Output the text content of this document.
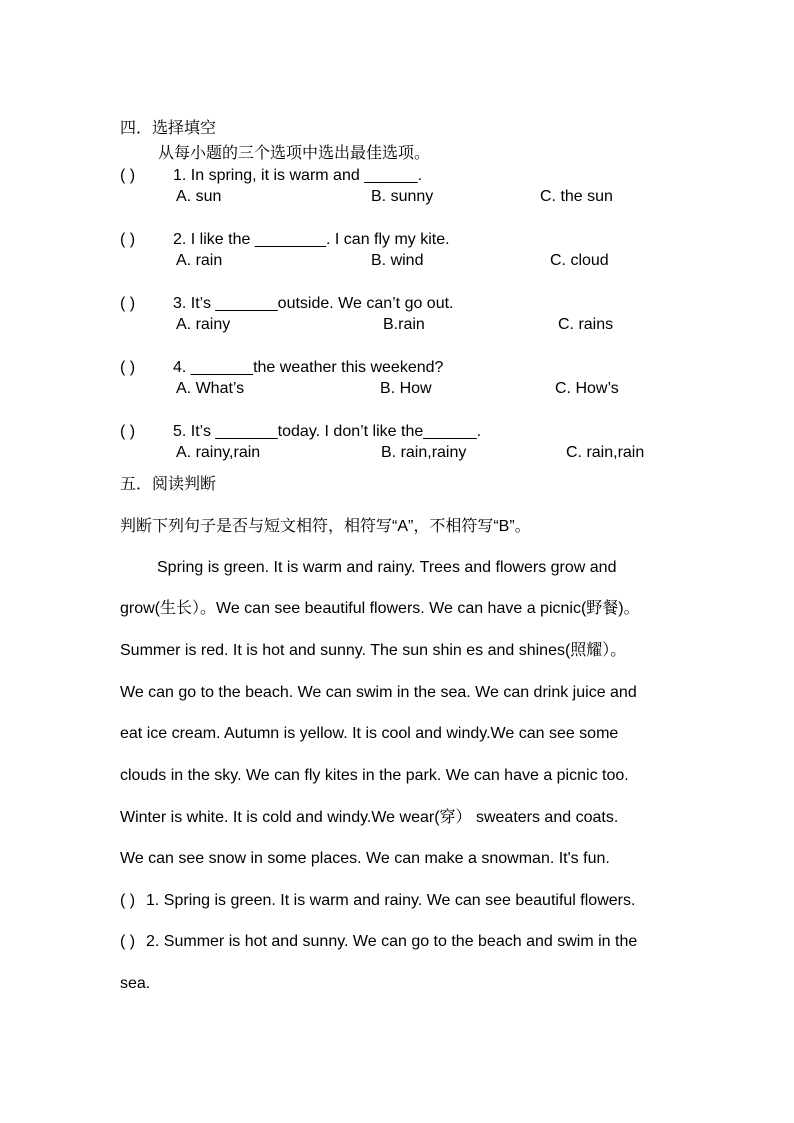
四．选择填空
从每小题的三个选项中选出最佳选项。
( ) 1. In spring, it is warm and ______.
A. sun	B. sunny	C. the sun
( ) 2. I like the ________. I can fly my kite.
A. rain	B. wind	C. cloud
( ) 3. It’s _______outside. We can’t go out.
A. rainy	B.rain	C. rains
( ) 4. _______the weather this weekend?
A. What’s	B. How	C. How’s
( ) 5. It’s _______today. I don’t like the______.
A. rainy,rain	B. rain,rainy	C. rain,rain
五．阅读判断
判断下列句子是否与短文相符，相符写“A”，不相符写“B”。
Spring is green. It is warm and rainy. Trees and flowers grow and
grow(生长）。We can see beautiful flowers. We can have a picnic(野餐)。
Summer is red. It is hot and sunny. The sun shin es and shines(照耀）。
We can go to the beach. We can swim in the sea. We can drink juice and
eat ice cream. Autumn is yellow. It is cool and windy.We can see some
clouds in the sky. We can fly kites in the park. We can have a picnic too.
Winter is white. It is cold and windy.We wear(穿） sweaters and coats.
We can see snow in some places. We can make a snowman. It's fun.
( ) 1. Spring is green. It is warm and rainy. We can see beautiful flowers.
( ) 2. Summer is hot and sunny. We can go to the beach and swim in the
sea.
